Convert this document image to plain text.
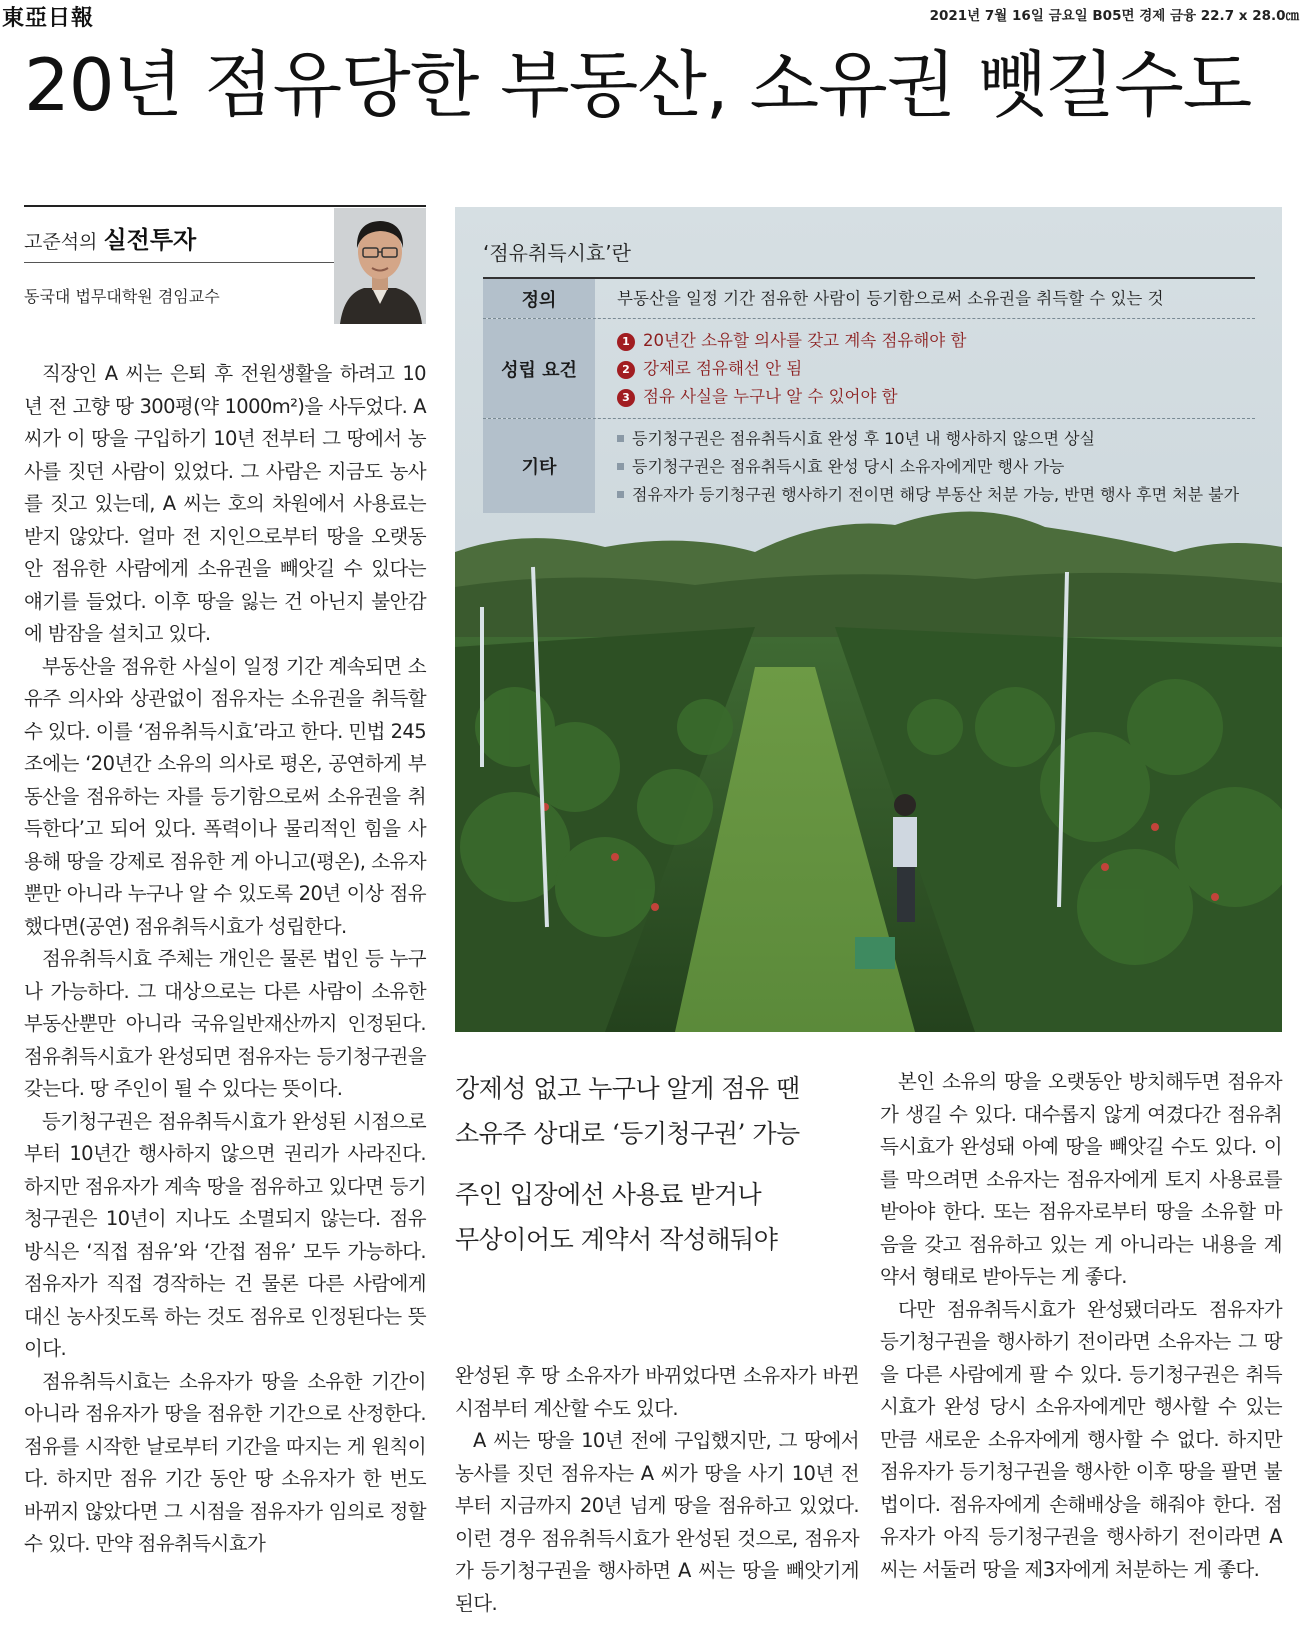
東亞日報	2021년 7월 16일 금요일 B05면 경제 금융 22.7 x 28.0㎝
20년 점유당한 부동산, 소유권 뺏길수도
고준석의 실전투자
동국대 법무대학원 겸임교수

직장인 A 씨는 은퇴 후 전원생활을 하려고 10년 전 고향 땅 300평(약 1000m²)을 사두었다. A 씨가 이 땅을 구입하기 10년 전부터 그 땅에서 농사를 짓던 사람이 있었다. 그 사람은 지금도 농사를 짓고 있는데, A 씨는 호의 차원에서 사용료는 받지 않았다. 얼마 전 지인으로부터 땅을 오랫동안 점유한 사람에게 소유권을 빼앗길 수 있다는 얘기를 들었다. 이후 땅을 잃는 건 아닌지 불안감에 밤잠을 설치고 있다.

부동산을 점유한 사실이 일정 기간 계속되면 소유주 의사와 상관없이 점유자는 소유권을 취득할 수 있다. 이를 ‘점유취득시효’라고 한다. 민법 245조에는 ‘20년간 소유의 의사로 평온, 공연하게 부동산을 점유하는 자를 등기함으로써 소유권을 취득한다’고 되어 있다. 폭력이나 물리적인 힘을 사용해 땅을 강제로 점유한 게 아니고(평온), 소유자뿐만 아니라 누구나 알 수 있도록 20년 이상 점유했다면(공연) 점유취득시효가 성립한다.

점유취득시효 주체는 개인은 물론 법인 등 누구나 가능하다. 그 대상으로는 다른 사람이 소유한 부동산뿐만 아니라 국유일반재산까지 인정된다. 점유취득시효가 완성되면 점유자는 등기청구권을 갖는다. 땅 주인이 될 수 있다는 뜻이다.

등기청구권은 점유취득시효가 완성된 시점으로부터 10년간 행사하지 않으면 권리가 사라진다. 하지만 점유자가 계속 땅을 점유하고 있다면 등기청구권은 10년이 지나도 소멸되지 않는다. 점유 방식은 ‘직접 점유’와 ‘간접 점유’ 모두 가능하다. 점유자가 직접 경작하는 건 물론 다른 사람에게 대신 농사짓도록 하는 것도 점유로 인정된다는 뜻이다.

점유취득시효는 소유자가 땅을 소유한 기간이 아니라 점유자가 땅을 점유한 기간으로 산정한다. 점유를 시작한 날로부터 기간을 따지는 게 원칙이다. 하지만 점유 기간 동안 땅 소유자가 한 번도 바뀌지 않았다면 그 시점을 점유자가 임의로 정할 수 있다. 만약 점유취득시효가

‘점유취득시효’란
정의	부동산을 일정 기간 점유한 사람이 등기함으로써 소유권을 취득할 수 있는 것
성립 요건
1 20년간 소유할 의사를 갖고 계속 점유해야 함
2 강제로 점유해선 안 됨
3 점유 사실을 누구나 알 수 있어야 함
기타
등기청구권은 점유취득시효 완성 후 10년 내 행사하지 않으면 상실
등기청구권은 점유취득시효 완성 당시 소유자에게만 행사 가능
점유자가 등기청구권 행사하기 전이면 해당 부동산 처분 가능, 반면 행사 후면 처분 불가
강제성 없고 누구나 알게 점유 땐
소유주 상대로 ‘등기청구권’ 가능
주인 입장에선 사용료 받거나
무상이어도 계약서 작성해둬야

완성된 후 땅 소유자가 바뀌었다면 소유자가 바뀐 시점부터 계산할 수도 있다.

A 씨는 땅을 10년 전에 구입했지만, 그 땅에서 농사를 짓던 점유자는 A 씨가 땅을 사기 10년 전부터 지금까지 20년 넘게 땅을 점유하고 있었다. 이런 경우 점유취득시효가 완성된 것으로, 점유자가 등기청구권을 행사하면 A 씨는 땅을 빼앗기게 된다.

본인 소유의 땅을 오랫동안 방치해두면 점유자가 생길 수 있다. 대수롭지 않게 여겼다간 점유취득시효가 완성돼 아예 땅을 빼앗길 수도 있다. 이를 막으려면 소유자는 점유자에게 토지 사용료를 받아야 한다. 또는 점유자로부터 땅을 소유할 마음을 갖고 점유하고 있는 게 아니라는 내용을 계약서 형태로 받아두는 게 좋다.

다만 점유취득시효가 완성됐더라도 점유자가 등기청구권을 행사하기 전이라면 소유자는 그 땅을 다른 사람에게 팔 수 있다. 등기청구권은 취득시효가 완성 당시 소유자에게만 행사할 수 있는 만큼 새로운 소유자에게 행사할 수 없다. 하지만 점유자가 등기청구권을 행사한 이후 땅을 팔면 불법이다. 점유자에게 손해배상을 해줘야 한다. 점유자가 아직 등기청구권을 행사하기 전이라면 A 씨는 서둘러 땅을 제3자에게 처분하는 게 좋다.
